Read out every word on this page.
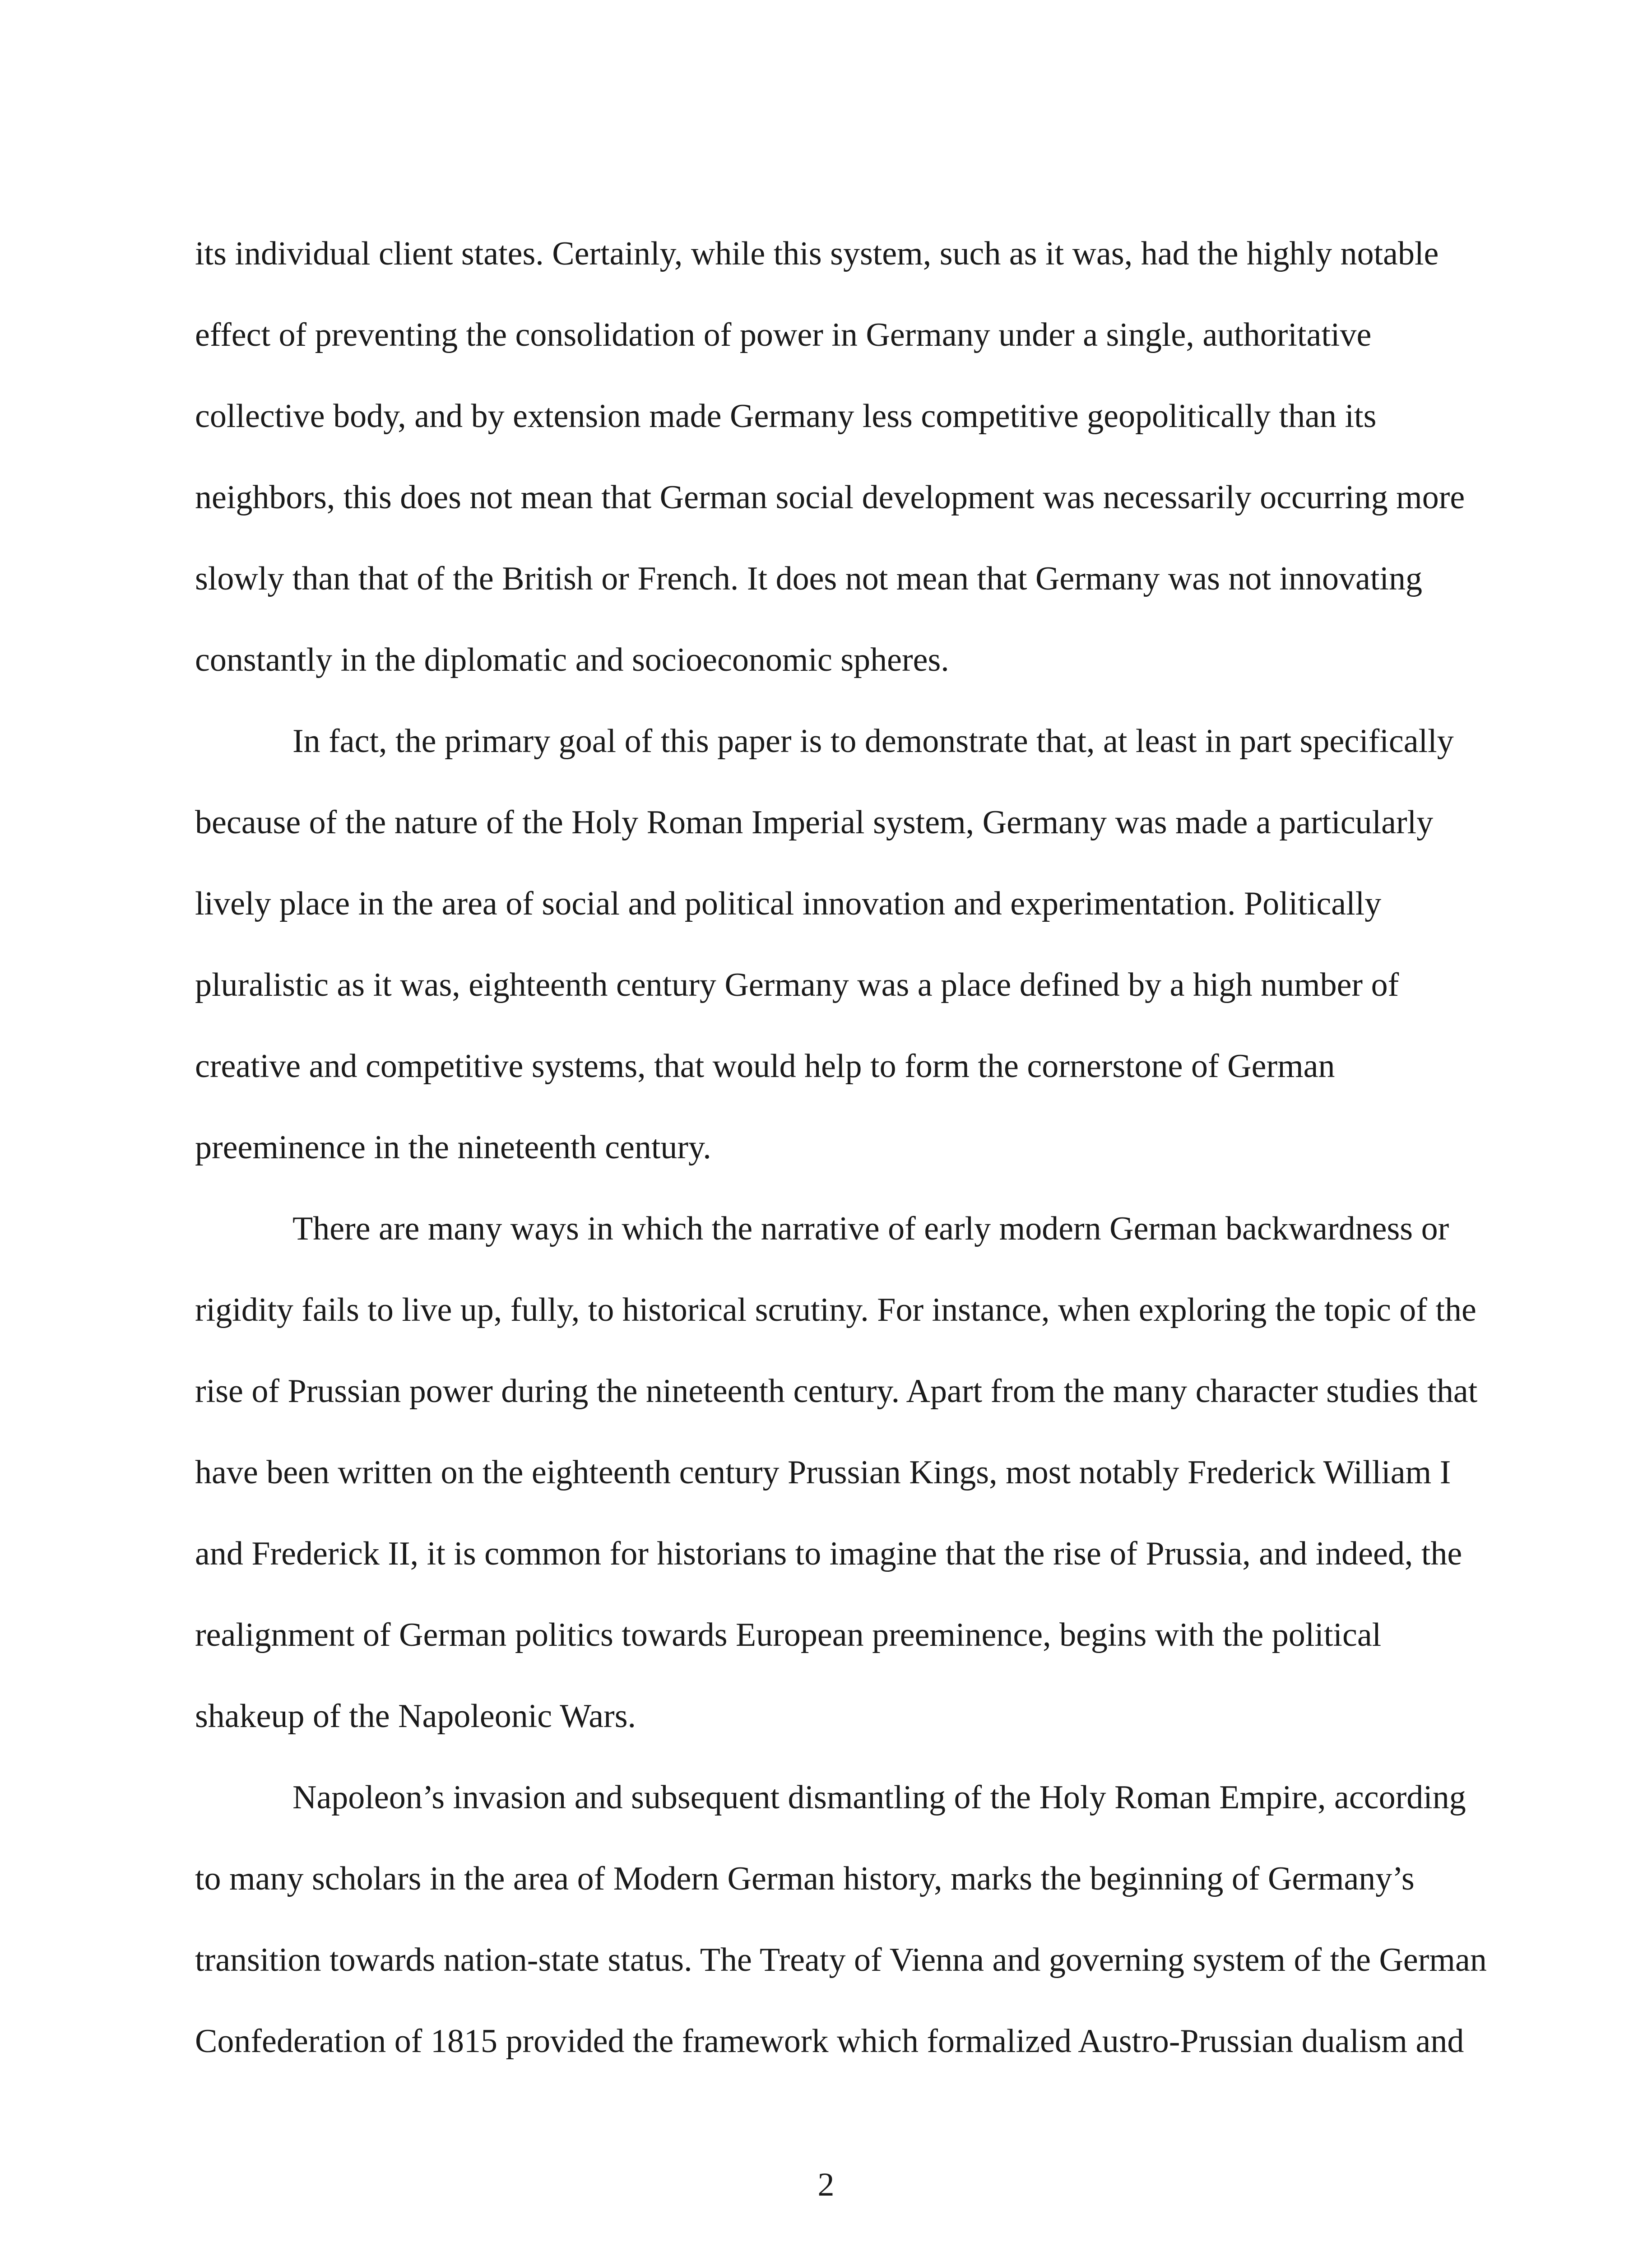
its individual client states. Certainly, while this system, such as it was, had the highly notable
effect of preventing the consolidation of power in Germany under a single, authoritative
collective body, and by extension made Germany less competitive geopolitically than its
neighbors, this does not mean that German social development was necessarily occurring more
slowly than that of the British or French. It does not mean that Germany was not innovating
constantly in the diplomatic and socioeconomic spheres.
In fact, the primary goal of this paper is to demonstrate that, at least in part specifically
because of the nature of the Holy Roman Imperial system, Germany was made a particularly
lively place in the area of social and political innovation and experimentation. Politically
pluralistic as it was, eighteenth century Germany was a place defined by a high number of
creative and competitive systems, that would help to form the cornerstone of German
preeminence in the nineteenth century.
There are many ways in which the narrative of early modern German backwardness or
rigidity fails to live up, fully, to historical scrutiny. For instance, when exploring the topic of the
rise of Prussian power during the nineteenth century. Apart from the many character studies that
have been written on the eighteenth century Prussian Kings, most notably Frederick William I
and Frederick II, it is common for historians to imagine that the rise of Prussia, and indeed, the
realignment of German politics towards European preeminence, begins with the political
shakeup of the Napoleonic Wars.
Napoleon’s invasion and subsequent dismantling of the Holy Roman Empire, according
to many scholars in the area of Modern German history, marks the beginning of Germany’s
transition towards nation-state status. The Treaty of Vienna and governing system of the German
Confederation of 1815 provided the framework which formalized Austro-Prussian dualism and
2
